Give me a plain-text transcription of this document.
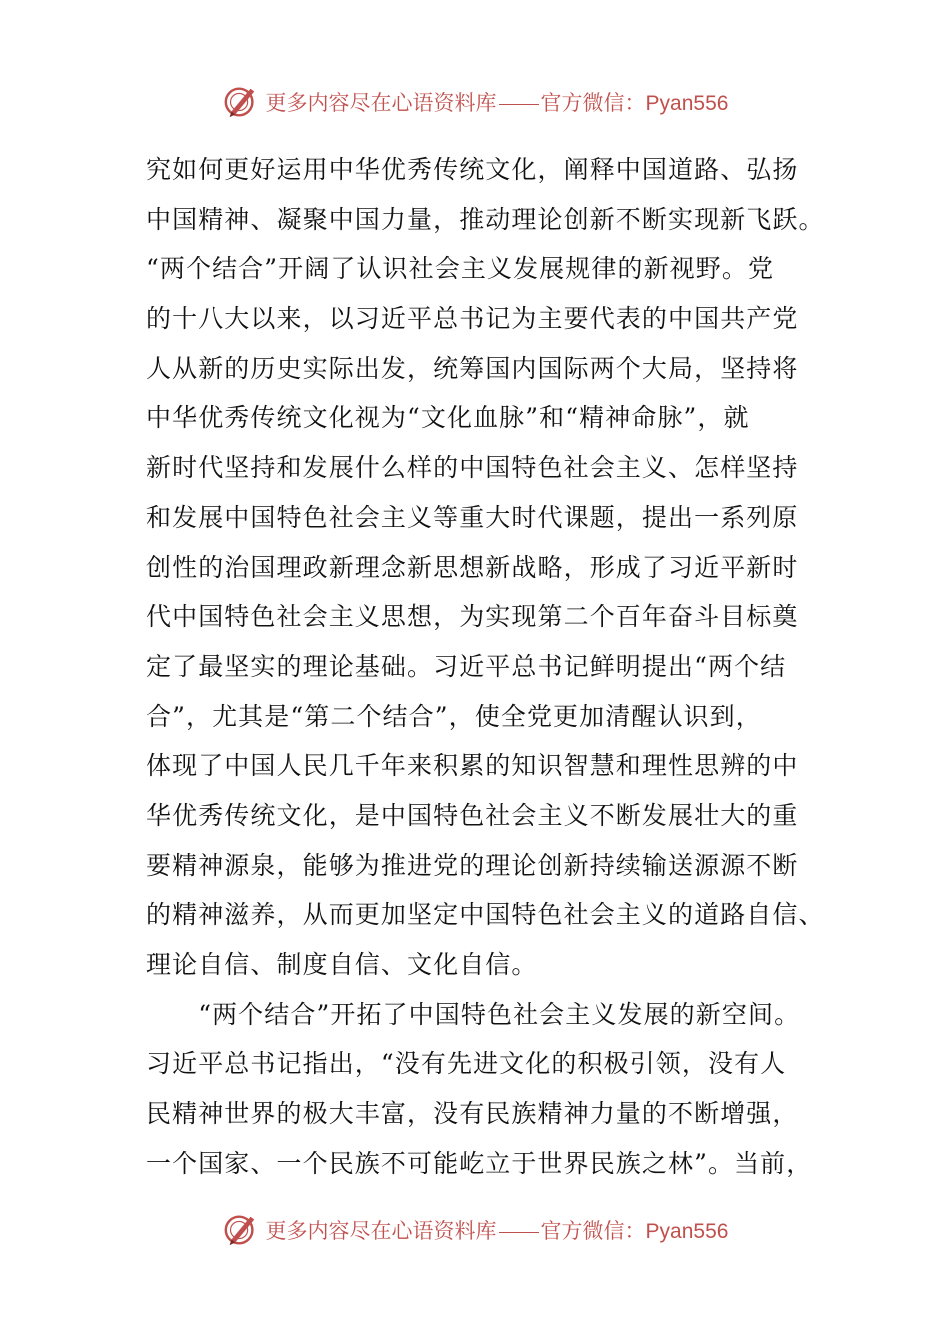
更多内容尽在心语资料库 官方微信：Pyan556
究如何更好运用中华优秀传统文化，阐释中国道路、弘扬
中国精神、凝聚中国力量，推动理论创新不断实现新飞跃。
“两个结合”开阔了认识社会主义发展规律的新视野。党
的十八大以来，以习近平总书记为主要代表的中国共产党
人从新的历史实际出发，统筹国内国际两个大局，坚持将
中华优秀传统文化视为“文化血脉”和“精神命脉”，就
新时代坚持和发展什么样的中国特色社会主义、怎样坚持
和发展中国特色社会主义等重大时代课题，提出一系列原
创性的治国理政新理念新思想新战略，形成了习近平新时
代中国特色社会主义思想，为实现第二个百年奋斗目标奠
定了最坚实的理论基础。习近平总书记鲜明提出“两个结
合”，尤其是“第二个结合”，使全党更加清醒认识到，
体现了中国人民几千年来积累的知识智慧和理性思辨的中
华优秀传统文化，是中国特色社会主义不断发展壮大的重
要精神源泉，能够为推进党的理论创新持续输送源源不断
的精神滋养，从而更加坚定中国特色社会主义的道路自信、
理论自信、制度自信、文化自信。
　　“两个结合”开拓了中国特色社会主义发展的新空间。
习近平总书记指出，“没有先进文化的积极引领，没有人
民精神世界的极大丰富，没有民族精神力量的不断增强，
一个国家、一个民族不可能屹立于世界民族之林”。当前，
更多内容尽在心语资料库 官方微信：Pyan556
